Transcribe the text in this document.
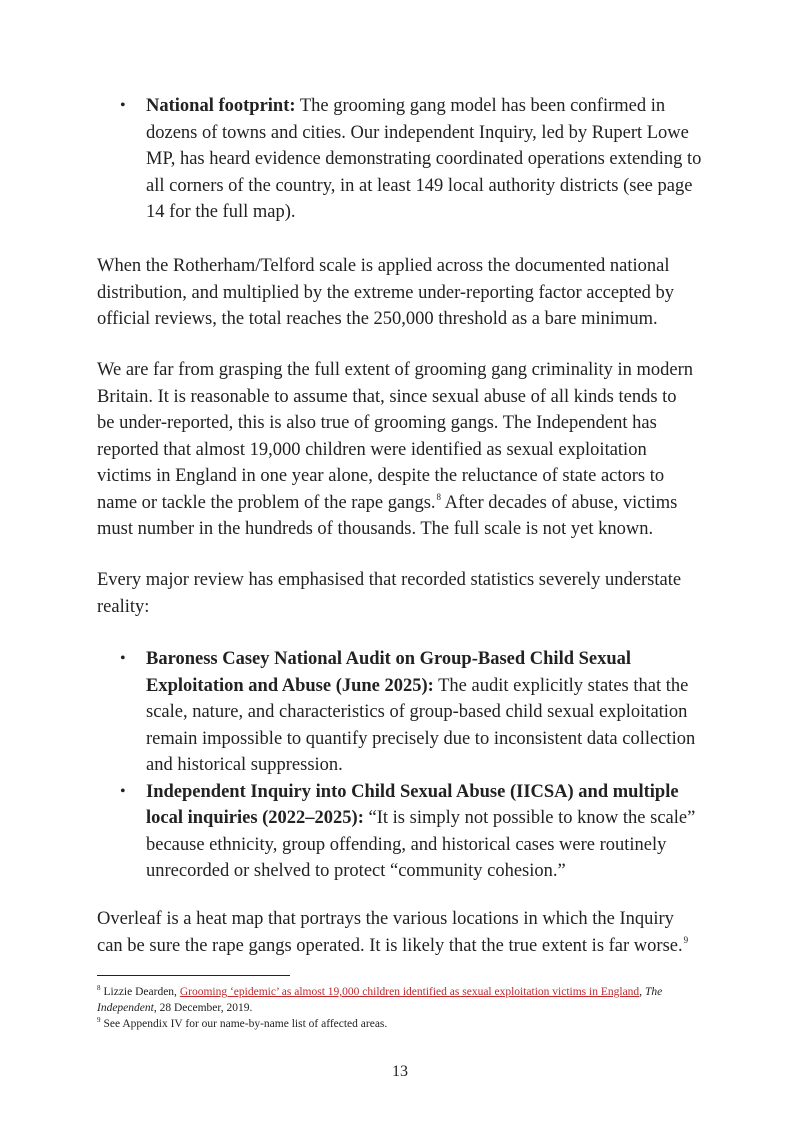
• National footprint: The grooming gang model has been confirmed in dozens of towns and cities. Our independent Inquiry, led by Rupert Lowe MP, has heard evidence demonstrating coordinated operations extending to all corners of the country, in at least 149 local authority districts (see page 14 for the full map).

When the Rotherham/Telford scale is applied across the documented national distribution, and multiplied by the extreme under-reporting factor accepted by official reviews, the total reaches the 250,000 threshold as a bare minimum.

We are far from grasping the full extent of grooming gang criminality in modern Britain. It is reasonable to assume that, since sexual abuse of all kinds tends to be under-reported, this is also true of grooming gangs. The Independent has reported that almost 19,000 children were identified as sexual exploitation victims in England in one year alone, despite the reluctance of state actors to name or tackle the problem of the rape gangs.$^8$ After decades of abuse, victims must number in the hundreds of thousands. The full scale is not yet known.

Every major review has emphasised that recorded statistics severely understate reality:

• Baroness Casey National Audit on Group-Based Child Sexual Exploitation and Abuse (June 2025): The audit explicitly states that the scale, nature, and characteristics of group-based child sexual exploitation remain impossible to quantify precisely due to inconsistent data collection and historical suppression.
• Independent Inquiry into Child Sexual Abuse (IICSA) and multiple local inquiries (2022–2025): “It is simply not possible to know the scale” because ethnicity, group offending, and historical cases were routinely unrecorded or shelved to protect “community cohesion.”

Overleaf is a heat map that portrays the various locations in which the Inquiry can be sure the rape gangs operated. It is likely that the true extent is far worse.$^9$

$^8$ Lizzie Dearden, Grooming ‘epidemic’ as almost 19,000 children identified as sexual exploitation victims in England, The Independent, 28 December, 2019.

$^9$ See Appendix IV for our name-by-name list of affected areas.

13
